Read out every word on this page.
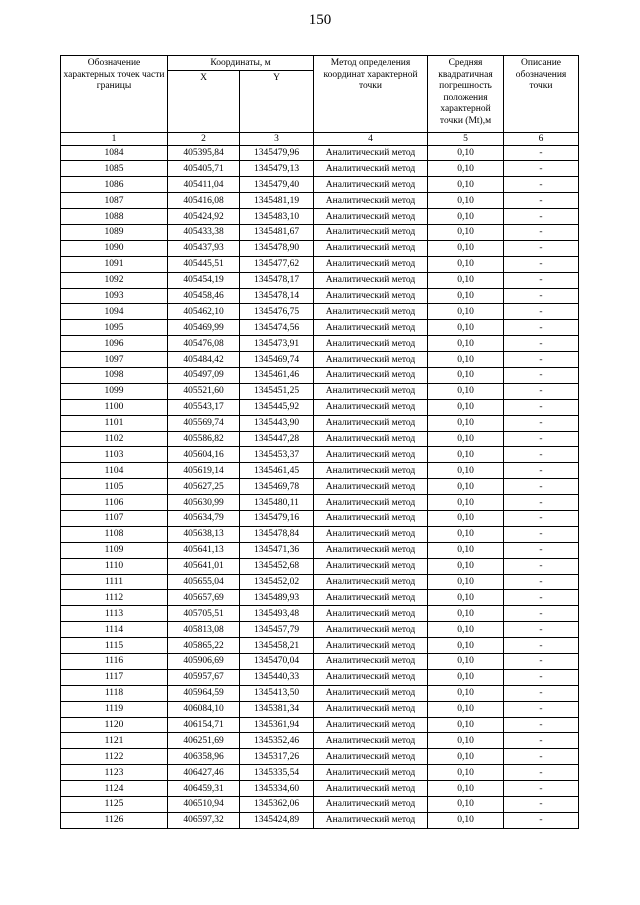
150
Обозначение характерных точек части границы	Координаты, м		Метод определения координат характерной точки	Средняя квадратичная погрешность положения характерной точки (Mt),м	Описание обозначения точки
	X	Y			
1	2	3	4	5	6
1084	405395,84	1345479,96	Аналитический метод	0,10	-
1085	405405,71	1345479,13	Аналитический метод	0,10	-
1086	405411,04	1345479,40	Аналитический метод	0,10	-
1087	405416,08	1345481,19	Аналитический метод	0,10	-
1088	405424,92	1345483,10	Аналитический метод	0,10	-
1089	405433,38	1345481,67	Аналитический метод	0,10	-
1090	405437,93	1345478,90	Аналитический метод	0,10	-
1091	405445,51	1345477,62	Аналитический метод	0,10	-
1092	405454,19	1345478,17	Аналитический метод	0,10	-
1093	405458,46	1345478,14	Аналитический метод	0,10	-
1094	405462,10	1345476,75	Аналитический метод	0,10	-
1095	405469,99	1345474,56	Аналитический метод	0,10	-
1096	405476,08	1345473,91	Аналитический метод	0,10	-
1097	405484,42	1345469,74	Аналитический метод	0,10	-
1098	405497,09	1345461,46	Аналитический метод	0,10	-
1099	405521,60	1345451,25	Аналитический метод	0,10	-
1100	405543,17	1345445,92	Аналитический метод	0,10	-
1101	405569,74	1345443,90	Аналитический метод	0,10	-
1102	405586,82	1345447,28	Аналитический метод	0,10	-
1103	405604,16	1345453,37	Аналитический метод	0,10	-
1104	405619,14	1345461,45	Аналитический метод	0,10	-
1105	405627,25	1345469,78	Аналитический метод	0,10	-
1106	405630,99	1345480,11	Аналитический метод	0,10	-
1107	405634,79	1345479,16	Аналитический метод	0,10	-
1108	405638,13	1345478,84	Аналитический метод	0,10	-
1109	405641,13	1345471,36	Аналитический метод	0,10	-
1110	405641,01	1345452,68	Аналитический метод	0,10	-
1111	405655,04	1345452,02	Аналитический метод	0,10	-
1112	405657,69	1345489,93	Аналитический метод	0,10	-
1113	405705,51	1345493,48	Аналитический метод	0,10	-
1114	405813,08	1345457,79	Аналитический метод	0,10	-
1115	405865,22	1345458,21	Аналитический метод	0,10	-
1116	405906,69	1345470,04	Аналитический метод	0,10	-
1117	405957,67	1345440,33	Аналитический метод	0,10	-
1118	405964,59	1345413,50	Аналитический метод	0,10	-
1119	406084,10	1345381,34	Аналитический метод	0,10	-
1120	406154,71	1345361,94	Аналитический метод	0,10	-
1121	406251,69	1345352,46	Аналитический метод	0,10	-
1122	406358,96	1345317,26	Аналитический метод	0,10	-
1123	406427,46	1345335,54	Аналитический метод	0,10	-
1124	406459,31	1345334,60	Аналитический метод	0,10	-
1125	406510,94	1345362,06	Аналитический метод	0,10	-
1126	406597,32	1345424,89	Аналитический метод	0,10	-
